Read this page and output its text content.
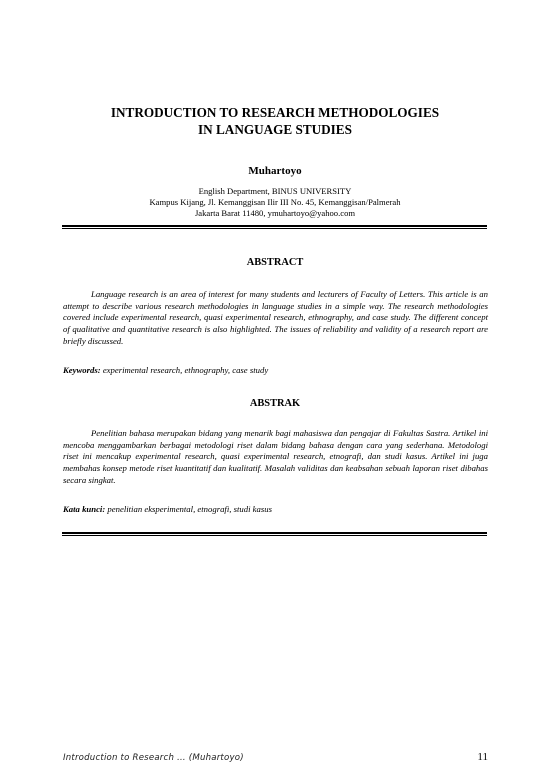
INTRODUCTION TO RESEARCH METHODOLOGIES
IN LANGUAGE STUDIES

Muhartoyo

English Department, BINUS UNIVERSITY
Kampus Kijang, Jl. Kemanggisan Ilir III No. 45, Kemanggisan/Palmerah
Jakarta Barat 11480, ymuhartoyo@yahoo.com
ABSTRACT

Language research is an area of interest for many students and lecturers of Faculty of Letters. This article is an attempt to describe various research methodologies in language studies in a simple way. The research methodologies covered include experimental research, quasi experimental research, ethnography, and case study. The different concept of qualitative and quantitative research is also highlighted. The issues of reliability and validity of a research report are briefly discussed.

Keywords: experimental research, ethnography, case study

ABSTRAK

Penelitian bahasa merupakan bidang yang menarik bagi mahasiswa dan pengajar di Fakultas Sastra. Artikel ini mencoba menggambarkan berbagai metodologi riset dalam bidang bahasa dengan cara yang sederhana. Metodologi riset ini mencakup experimental research, quasi experimental research, etnografi, dan studi kasus. Artikel ini juga membahas konsep metode riset kuantitatif dan kualitatif. Masalah validitas dan keabsahan sebuah laporan riset dibahas secara singkat.

Kata kunci: penelitian eksperimental, etnografi, studi kasus

Introduction to Research … (Muhartoyo)	11
